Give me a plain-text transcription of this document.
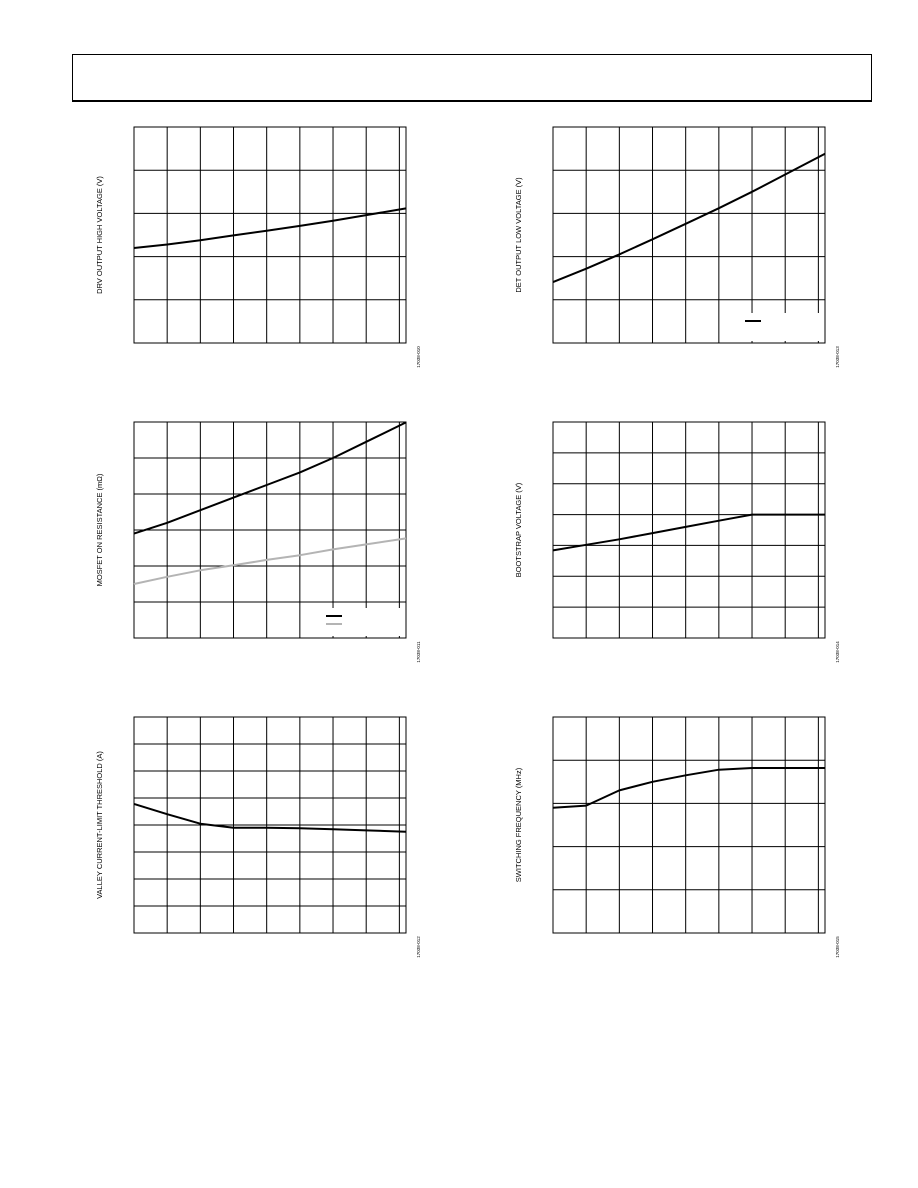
DRV OUTPUT HIGH VOLTAGE (V)
17038-010
DET OUTPUT LOW VOLTAGE (V)
17038-013
MOSFET ON RESISTANCE (mΩ)
17038-011
BOOTSTRAP VOLTAGE (V)
17038-014
VALLEY CURRENT-LIMIT THRESHOLD (A)
17038-012
SWITCHING FREQUENCY (MHz)
17038-015
